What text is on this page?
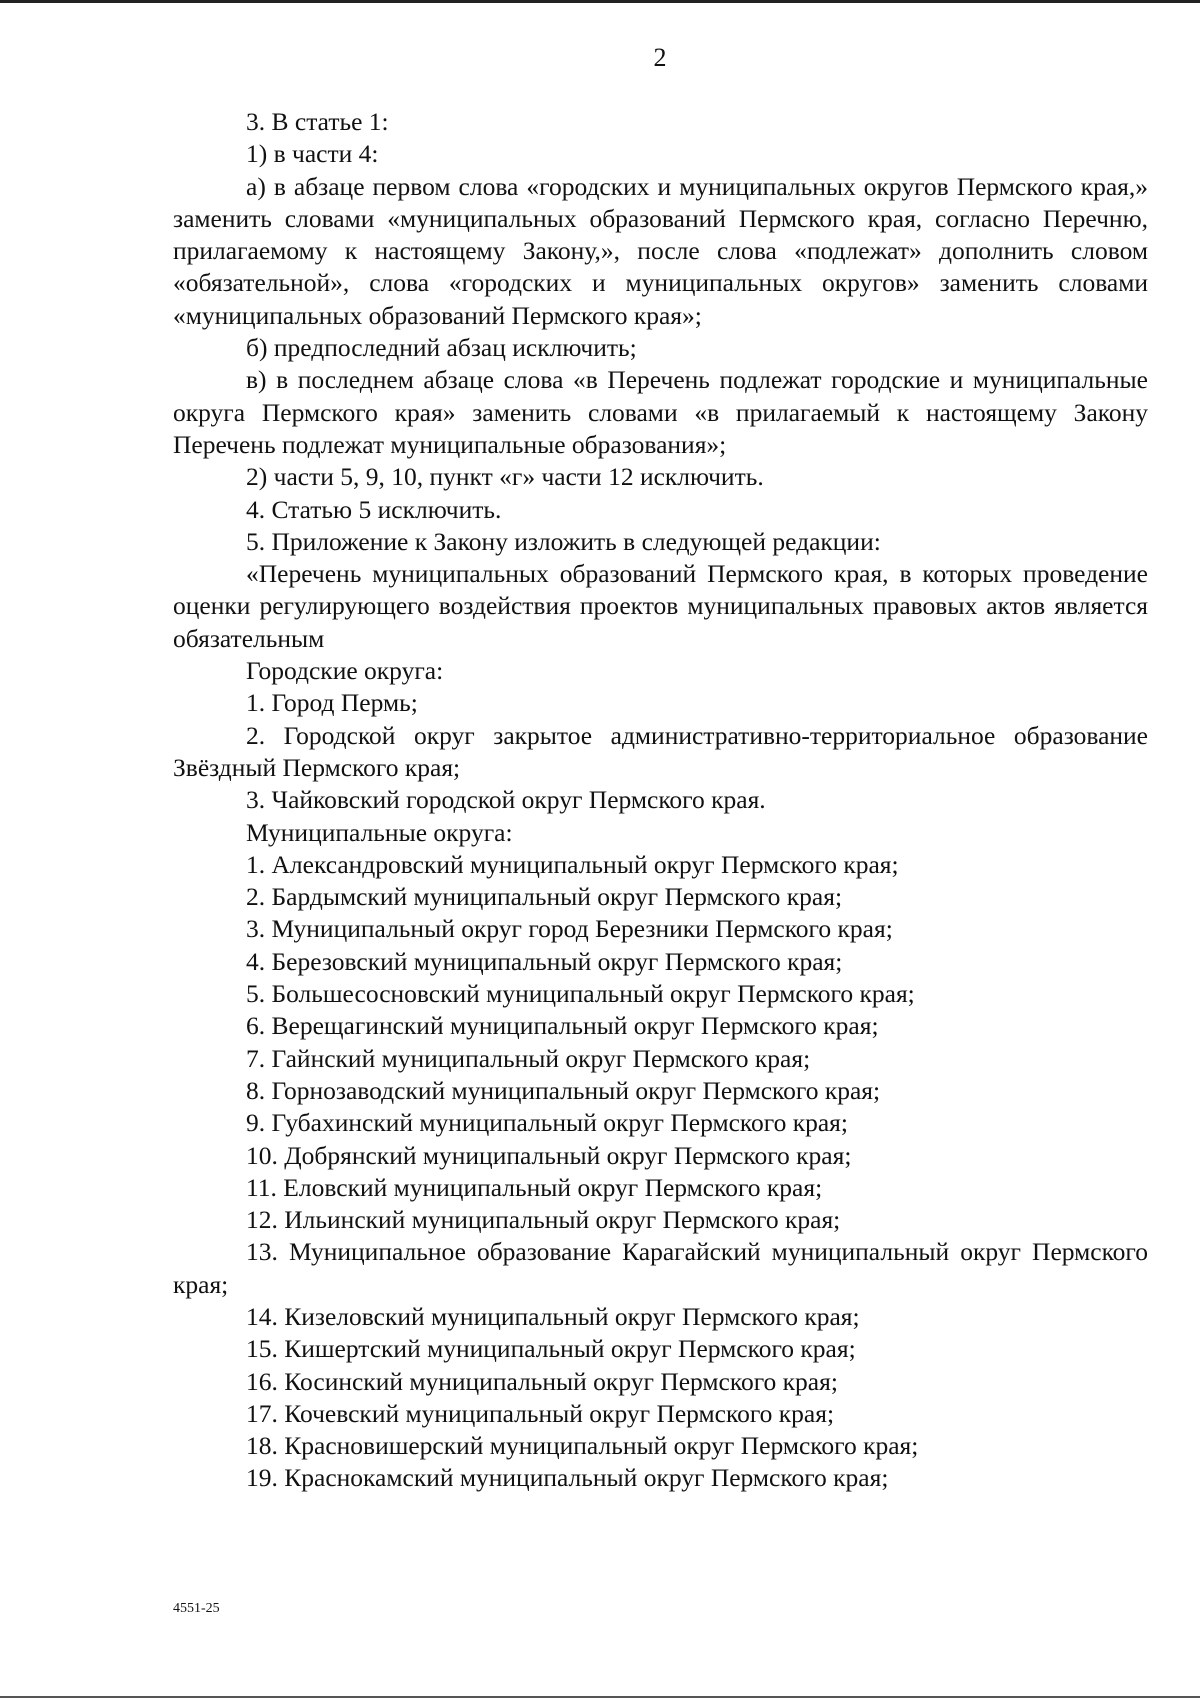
2

3. В статье 1:

1) в части 4:

а) в абзаце первом слова «городских и муниципальных округов Пермского края,» заменить словами «муниципальных образований Пермского края, согласно Перечню, прилагаемому к настоящему Закону,», после слова «подлежат» дополнить словом «обязательной», слова «городских и муниципальных округов» заменить словами «муниципальных образований Пермского края»;

б) предпоследний абзац исключить;

в) в последнем абзаце слова «в Перечень подлежат городские и муниципальные округа Пермского края» заменить словами «в прилагаемый к настоящему Закону Перечень подлежат муниципальные образования»;

2) части 5, 9, 10, пункт «г» части 12 исключить.

4. Статью 5 исключить.

5. Приложение к Закону изложить в следующей редакции:

«Перечень муниципальных образований Пермского края, в которых проведение оценки регулирующего воздействия проектов муниципальных правовых актов является обязательным

Городские округа:

1. Город Пермь;

2. Городской округ закрытое административно-территориальное образование Звёздный Пермского края;

3. Чайковский городской округ Пермского края.

Муниципальные округа:

1. Александровский муниципальный округ Пермского края;

2. Бардымский муниципальный округ Пермского края;

3. Муниципальный округ город Березники Пермского края;

4. Березовский муниципальный округ Пермского края;

5. Большесосновский муниципальный округ Пермского края;

6. Верещагинский муниципальный округ Пермского края;

7. Гайнский муниципальный округ Пермского края;

8. Горнозаводский муниципальный округ Пермского края;

9. Губахинский муниципальный округ Пермского края;

10. Добрянский муниципальный округ Пермского края;

11. Еловский муниципальный округ Пермского края;

12. Ильинский муниципальный округ Пермского края;

13. Муниципальное образование Карагайский муниципальный округ Пермского края;

14. Кизеловский муниципальный округ Пермского края;

15. Кишертский муниципальный округ Пермского края;

16. Косинский муниципальный округ Пермского края;

17. Кочевский муниципальный округ Пермского края;

18. Красновишерский муниципальный округ Пермского края;

19. Краснокамский муниципальный округ Пермского края;

4551-25
